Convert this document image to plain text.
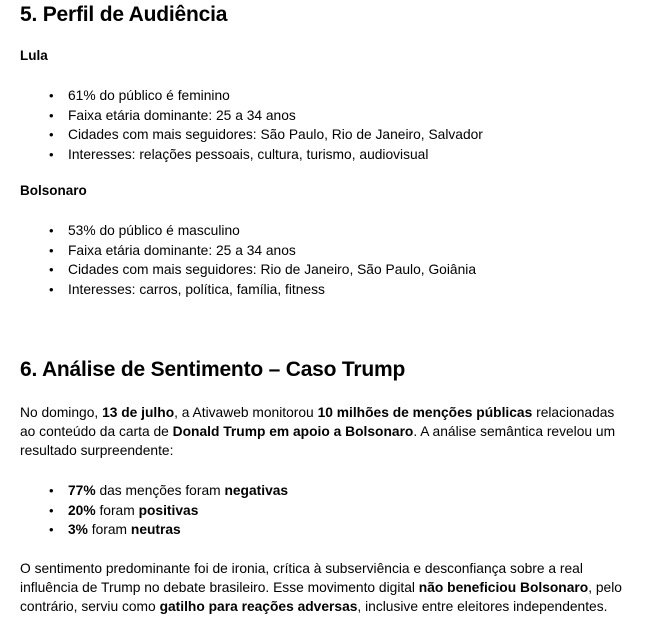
5. Perfil de Audiência
Lula
• 61% do público é feminino
• Faixa etária dominante: 25 a 34 anos
• Cidades com mais seguidores: São Paulo, Rio de Janeiro, Salvador
• Interesses: relações pessoais, cultura, turismo, audiovisual
Bolsonaro
• 53% do público é masculino
• Faixa etária dominante: 25 a 34 anos
• Cidades com mais seguidores: Rio de Janeiro, São Paulo, Goiânia
• Interesses: carros, política, família, fitness
6. Análise de Sentimento – Caso Trump

No domingo, 13 de julho, a Ativaweb monitorou 10 milhões de menções públicas relacionadas ao conteúdo da carta de Donald Trump em apoio a Bolsonaro. A análise semântica revelou um resultado surpreendente:

• 77% das menções foram negativas
• 20% foram positivas
• 3% foram neutras

O sentimento predominante foi de ironia, crítica à subserviência e desconfiança sobre a real influência de Trump no debate brasileiro. Esse movimento digital não beneficiou Bolsonaro, pelo contrário, serviu como gatilho para reações adversas, inclusive entre eleitores independentes.
